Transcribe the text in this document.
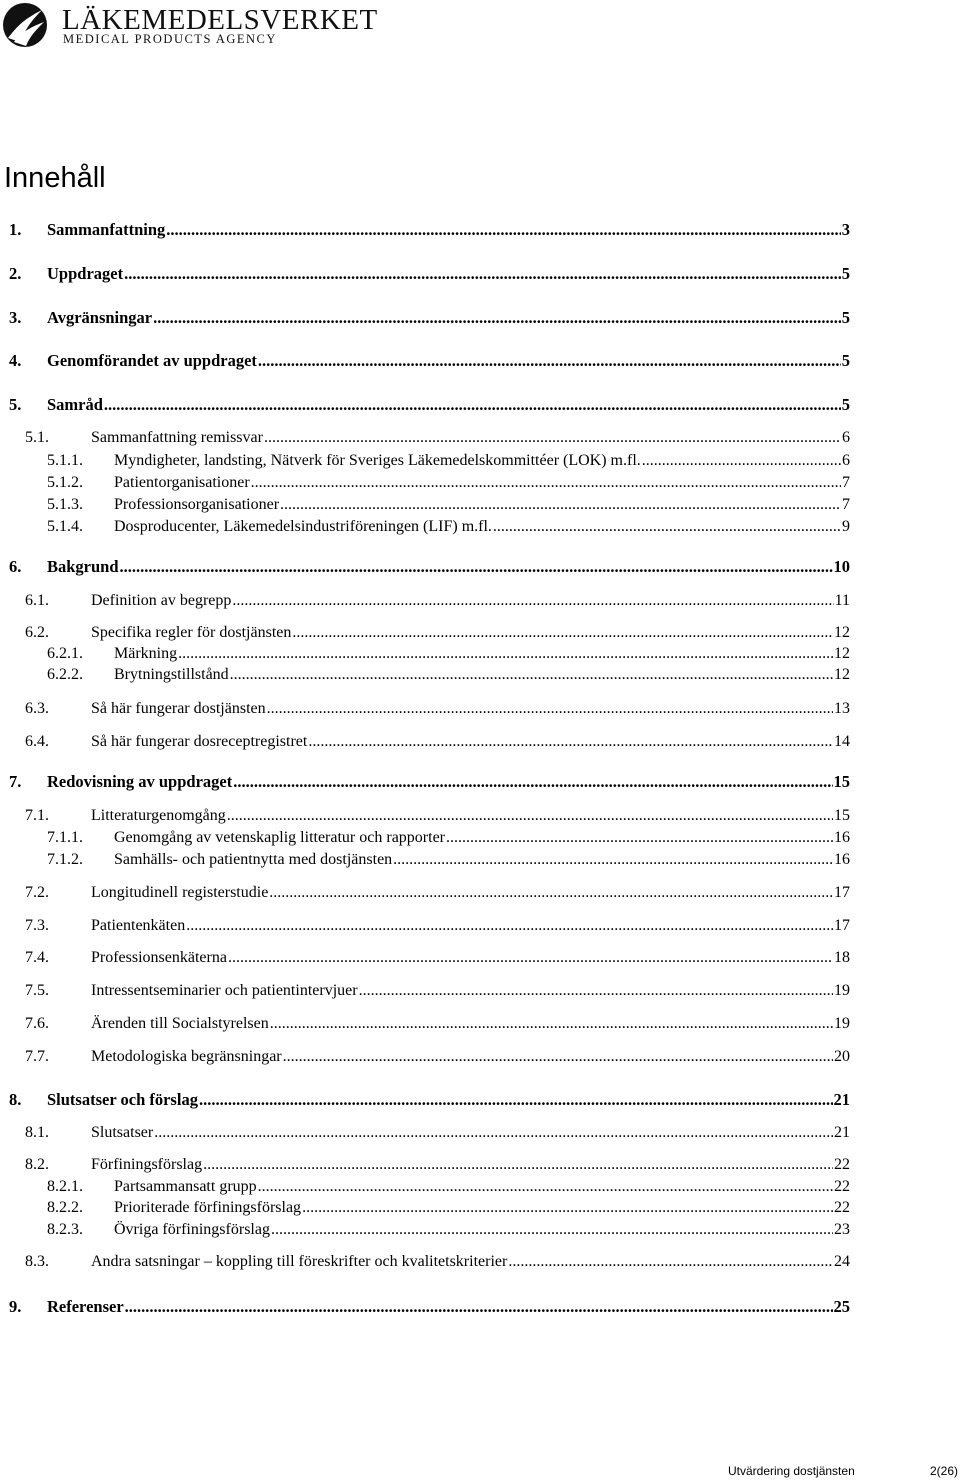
LÄKEMEDELSVERKET

MEDICAL PRODUCTS AGENCY

Innehåll
1.	Sammanfattning .....	3
2.	Uppdraget .....	5
3.	Avgränsningar .....	5
4.	Genomförandet av uppdraget .....	5
5.	Samråd .....	5
5.1.	Sammanfattning remissvar .....	6
5.1.1.	Myndigheter, landsting, Nätverk för Sveriges Läkemedelskommittéer (LOK) m.fl. .....	6
5.1.2.	Patientorganisationer .....	7
5.1.3.	Professionsorganisationer .....	7
5.1.4.	Dosproducenter, Läkemedelsindustriföreningen (LIF) m.fl. .....	9
6.	Bakgrund .....	10
6.1.	Definition av begrepp .....	11
6.2.	Specifika regler för dostjänsten .....	12
6.2.1.	Märkning .....	12
6.2.2.	Brytningstillstånd .....	12
6.3.	Så här fungerar dostjänsten .....	13
6.4.	Så här fungerar dosreceptregistret .....	14
7.	Redovisning av uppdraget .....	15
7.1.	Litteraturgenomgång .....	15
7.1.1.	Genomgång av vetenskaplig litteratur och rapporter .....	16
7.1.2.	Samhälls- och patientnytta med dostjänsten .....	16
7.2.	Longitudinell registerstudie .....	17
7.3.	Patientenkäten .....	17
7.4.	Professionsenkäterna .....	18
7.5.	Intressentseminarier och patientintervjuer .....	19
7.6.	Ärenden till Socialstyrelsen .....	19
7.7.	Metodologiska begränsningar .....	20
8.	Slutsatser och förslag .....	21
8.1.	Slutsatser .....	21
8.2.	Förfiningsförslag .....	22
8.2.1.	Partsammansatt grupp .....	22
8.2.2.	Prioriterade förfiningsförslag .....	22
8.2.3.	Övriga förfiningsförslag .....	23
8.3.	Andra satsningar – koppling till föreskrifter och kvalitetskriterier .....	24
9.	Referenser .....	25
Utvärdering dostjänsten	2(26)
